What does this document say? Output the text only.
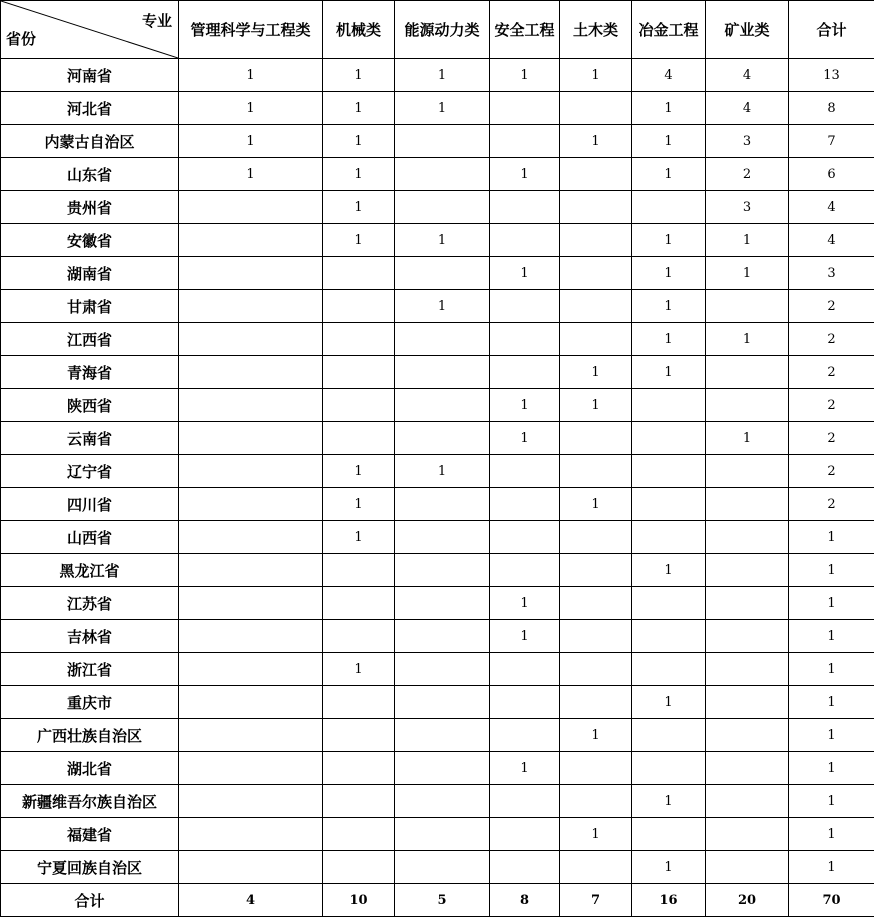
专业
省份	管理科学与工程类	机械类	能源动力类	安全工程	土木类	冶金工程	矿业类	合计
河南省	1	1	1	1	1	4	4	13
河北省	1	1	1			1	4	8
内蒙古自治区	1	1			1	1	3	7
山东省	1	1		1		1	2	6
贵州省		1					3	4
安徽省		1	1			1	1	4
湖南省				1		1	1	3
甘肃省			1			1		2
江西省						1	1	2
青海省					1	1		2
陕西省				1	1			2
云南省				1			1	2
辽宁省		1	1					2
四川省		1			1			2
山西省		1						1
黑龙江省						1		1
江苏省				1				1
吉林省				1				1
浙江省		1						1
重庆市						1		1
广西壮族自治区					1			1
湖北省				1				1
新疆维吾尔族自治区						1		1
福建省					1			1
宁夏回族自治区						1		1
合计	4	10	5	8	7	16	20	70
